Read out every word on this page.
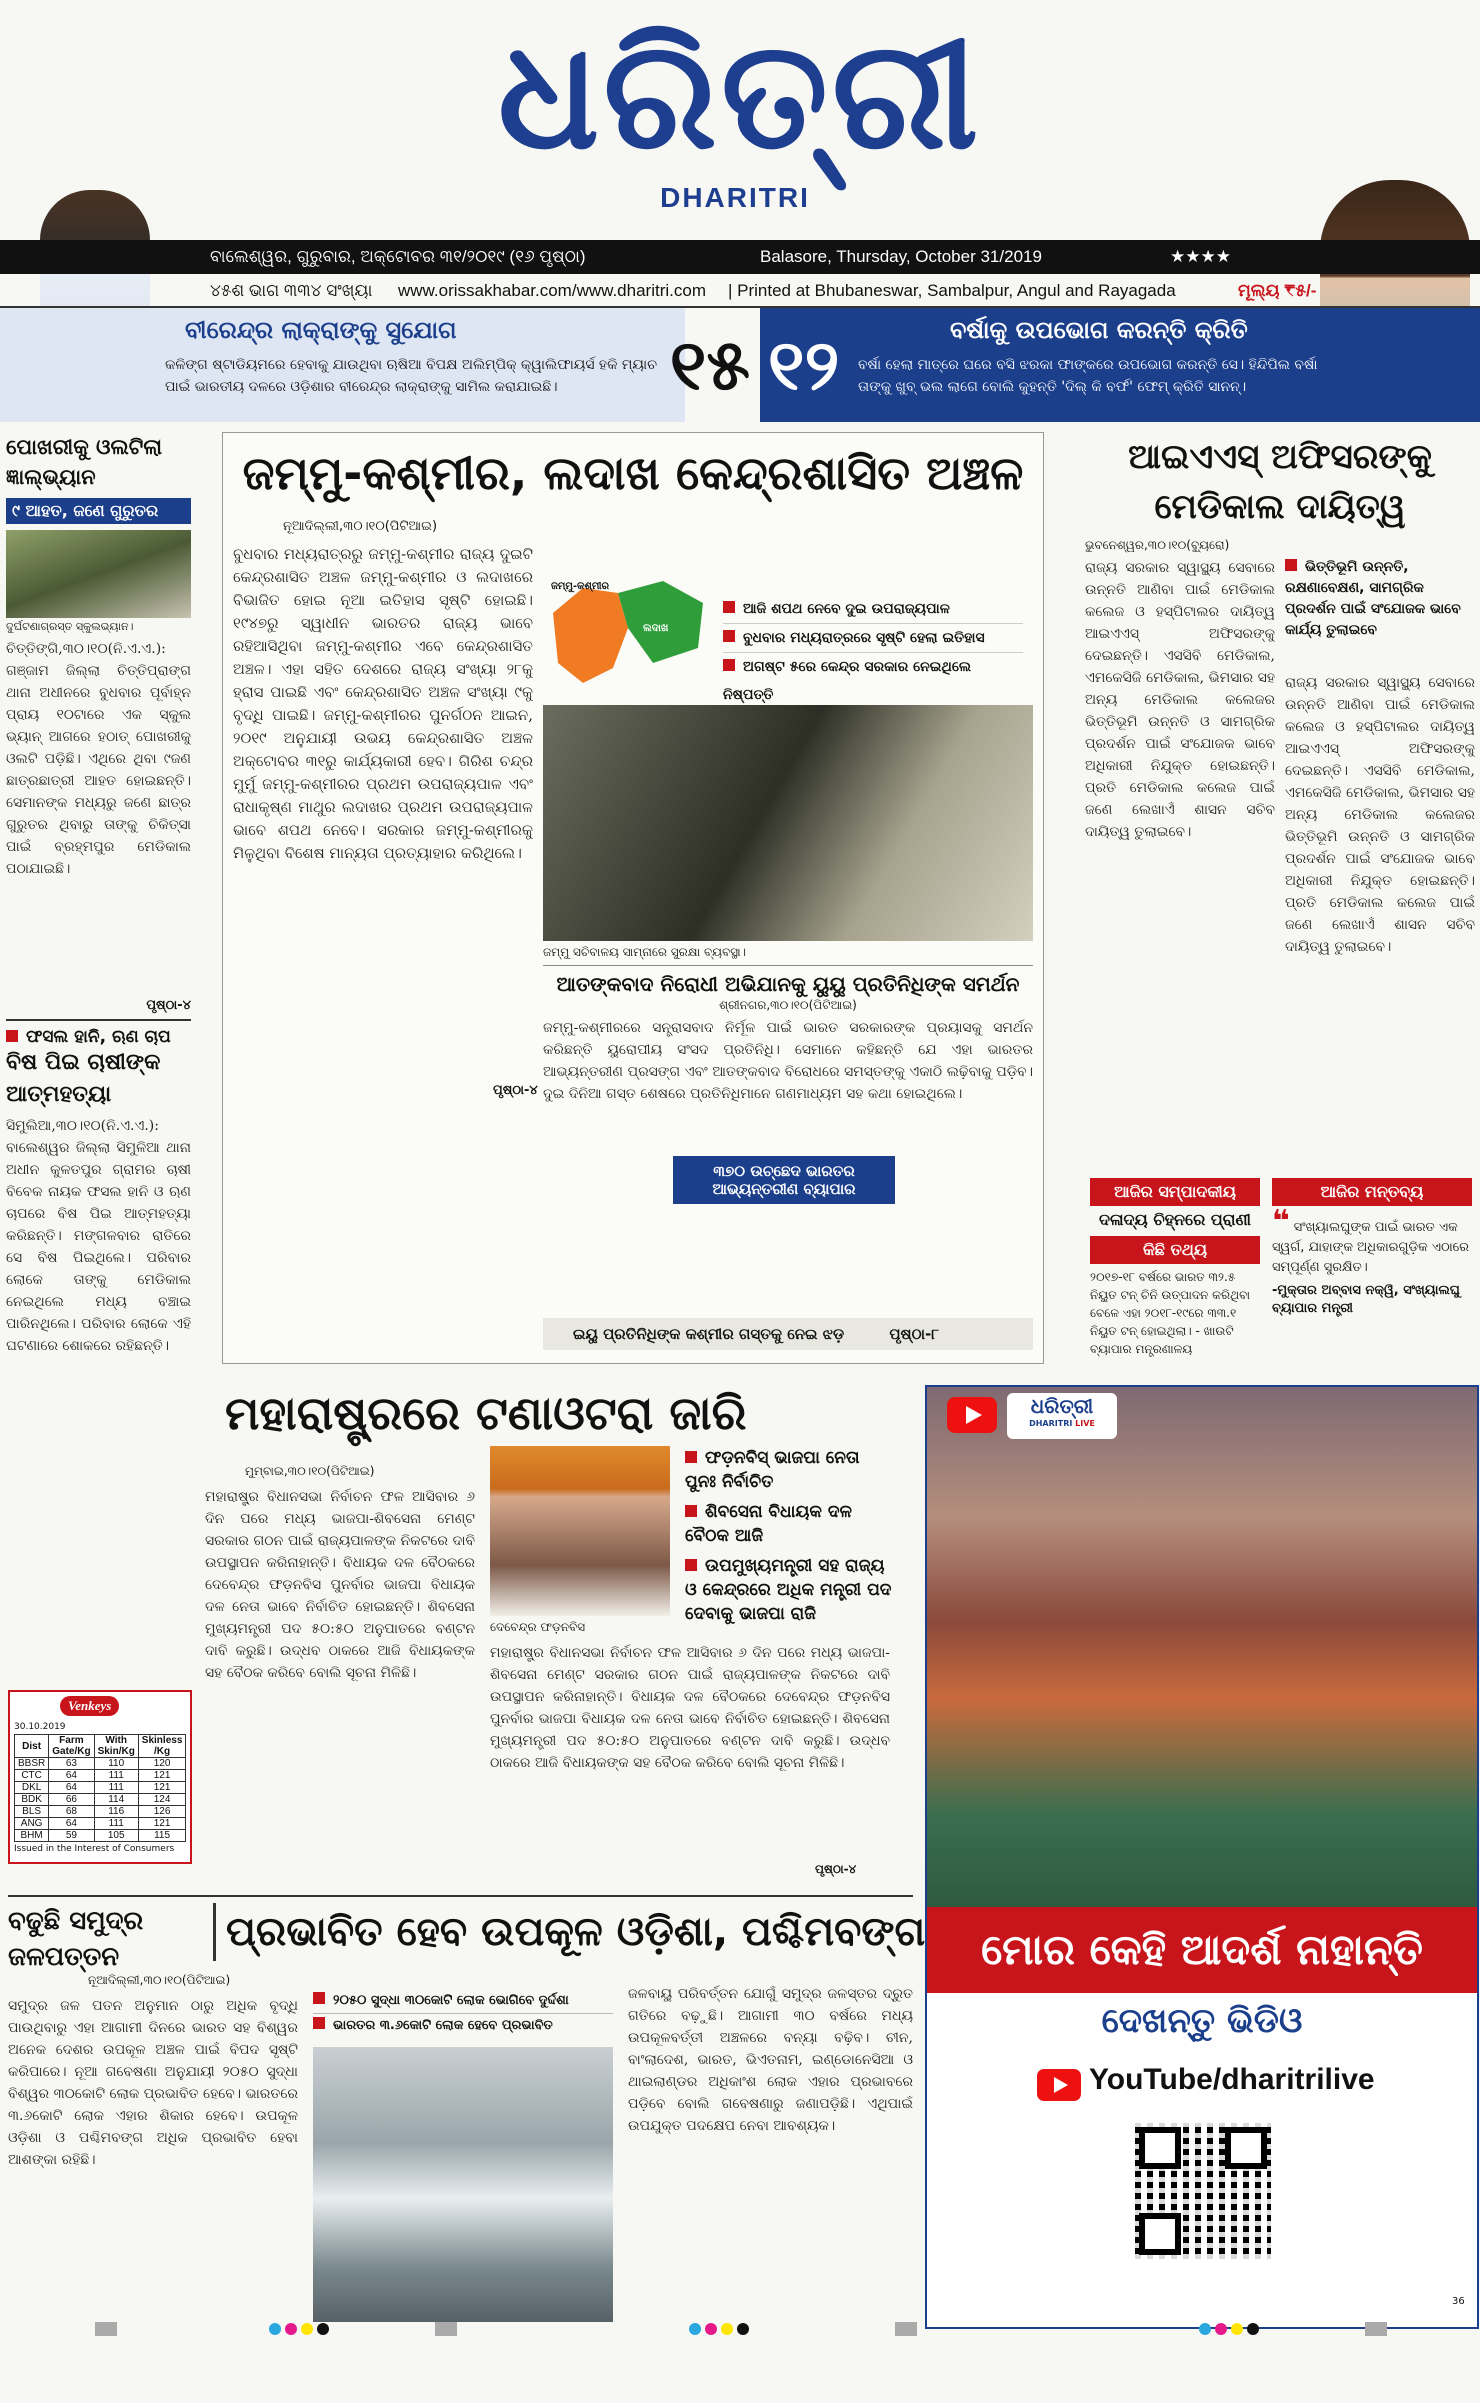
ଧରିତ୍ରୀ
DHARITRI
ବାଲେଶ୍ୱର, ଗୁରୁବାର, ଅକ୍ଟୋବର ୩୧/୨୦୧୯ (୧୬ ପୃଷ୍ଠା)	Balasore, Thursday, October 31/2019	★★★★
୪୫ଶ ଭାଗ ୩୩୪ ସଂଖ୍ୟା www.orissakhabar.com/www.dharitri.com | Printed at Bhubaneswar, Sambalpur, Angul and Rayagada	ମୂଲ୍ୟ ₹୫/-
ବୀରେନ୍ଦ୍ର ଲାକ୍ରାଙ୍କୁ ସୁଯୋଗ
କଳିଙ୍ଗ ଷ୍ଟାଡିୟମରେ ହେବାକୁ ଯାଉଥିବା ଋଷିଆ ବିପକ୍ଷ ଅଲିମ୍ପିକ୍ କ୍ୱାଲିଫାୟର୍ସ ହକି ମ୍ୟାଚ ପାଇଁ ଭାରତୀୟ ଦଳରେ ଓଡ଼ିଶାର ବୀରେନ୍ଦ୍ର ଲାକ୍ରାଙ୍କୁ ସାମିଲ କରାଯାଇଛି।	୧୫ ୧୨	ବର୍ଷାକୁ ଉପଭୋଗ କରନ୍ତି କ୍ରିତି
ବର୍ଷା ହେଲା ମାତ୍ରେ ଘରେ ବସି ଝରକା ଫାଙ୍କରେ ଉପଭୋଗ କରନ୍ତି ସେ। ହିନ୍ଦିପିଲ ବର୍ଷା ତାଙ୍କୁ ଖୁବ୍ ଭଲ ଲାଗେ ବୋଲି କୁହନ୍ତି 'ଦିଲ୍ କି ବର୍ଫ' ଫେମ୍ କ୍ରିତି ସାନନ୍।
ପୋଖରୀକୁ ଓଲଟିଲା ଜ୍ଞାଲ୍‌ଭ୍ୟାନ
୯ ଆହତ, ଜଣେ ଗୁରୁତର
ଦୁର୍ଘଟଣାଗ୍ରସ୍ତ ସ୍କୁଲଭ୍ୟାନ।
ଚିତ୍ତିଙ୍ଗି,୩୦।୧୦(ନି.ଏ.ଏ.): ଗଞ୍ଜାମ ଜିଲ୍ଲା ଚିତ୍ତିପ୍ରାଙ୍ଗ ଥାନା ଅଧୀନରେ ବୁଧବାର ପୂର୍ବାହ୍ନ ପ୍ରାୟ ୧୦ଟାରେ ଏକ ସ୍କୁଲ ଭ୍ୟାନ୍ ଆଗରେ ହଠାତ୍ ପୋଖରୀକୁ ଓଲଟି ପଡ଼ିଛି। ଏଥିରେ ଥିବା ୯ଜଣ ଛାତ୍ରଛାତ୍ରୀ ଆହତ ହୋଇଛନ୍ତି। ସେମାନଙ୍କ ମଧ୍ୟରୁ ଜଣେ ଛାତ୍ର ଗୁରୁତର ଥିବାରୁ ତାଙ୍କୁ ଚିକିତ୍ସା ପାଇଁ ବ୍ରହ୍ମପୁର ମେଡିକାଲ ପଠାଯାଇଛି।
ପୃଷ୍ଠା-୪
ଫସଲ ହାନି, ଋଣ ଚାପ
ବିଷ ପିଇ ଚାଷୀଙ୍କ ଆତ୍ମହତ୍ୟା
ସିମୁଲିଆ,୩୦।୧୦(ନି.ଏ.ଏ.): ବାଲେଶ୍ୱର ଜିଲ୍ଲା ସିମୁଳିଆ ଥାନା ଅଧୀନ କୁଳତପୁର ଗ୍ରାମର ଚାଷୀ ବିବେକ ନାୟକ ଫସଲ ହାନି ଓ ଋଣ ଚାପରେ ବିଷ ପିଇ ଆତ୍ମହତ୍ୟା କରିଛନ୍ତି। ମଙ୍ଗଳବାର ରାତିରେ ସେ ବିଷ ପିଇଥିଲେ। ପରିବାର ଲୋକେ ତାଙ୍କୁ ମେଡିକାଲ ନେଇଥିଲେ ମଧ୍ୟ ବଞ୍ଚାଇ ପାରିନଥିଲେ। ପରିବାର ଲୋକେ ଏହି ଘଟଣାରେ ଶୋକରେ ରହିଛନ୍ତି।
Venkeys
30.10.2019
Dist	Farm Gate/Kg	With Skin/Kg	Skinless /Kg
BBSR	63	110	120
CTC	64	111	121
DKL	64	111	121
BDK	66	114	124
BLS	68	116	126
ANG	64	111	121
BHM	59	105	115
Issued in the Interest of Consumers
ଜମ୍ମୁ-କଶ୍ମୀର, ଲଦାଖ କେନ୍ଦ୍ରଶାସିତ ଅଞ୍ଚଳ
ନୂଆଦିଲ୍ଲୀ,୩୦।୧୦(ପିଟିଆଇ)
ବୁଧବାର ମଧ୍ୟରାତ୍ରରୁ ଜମ୍ମୁ-କଶ୍ମୀର ରାଜ୍ୟ ଦୁଇଟି କେନ୍ଦ୍ରଶାସିତ ଅଞ୍ଚଳ ଜମ୍ମୁ-କଶ୍ମୀର ଓ ଲଦାଖରେ ବିଭାଜିତ ହୋଇ ନୂଆ ଇତିହାସ ସୃଷ୍ଟି ହୋଇଛି। ୧୯୪୭ରୁ ସ୍ୱାଧୀନ ଭାରତର ରାଜ୍ୟ ଭାବେ ରହିଆସିଥିବା ଜମ୍ମୁ-କଶ୍ମୀର ଏବେ କେନ୍ଦ୍ରଶାସିତ ଅଞ୍ଚଳ। ଏହା ସହିତ ଦେଶରେ ରାଜ୍ୟ ସଂଖ୍ୟା ୨୮କୁ ହ୍ରାସ ପାଇଛି ଏବଂ କେନ୍ଦ୍ରଶାସିତ ଅଞ୍ଚଳ ସଂଖ୍ୟା ୯କୁ ବୃଦ୍ଧି ପାଇଛି। ଜମ୍ମୁ-କଶ୍ମୀରର ପୁନର୍ଗଠନ ଆଇନ, ୨୦୧୯ ଅନୁଯାୟୀ ଉଭୟ କେନ୍ଦ୍ରଶାସିତ ଅଞ୍ଚଳ ଅକ୍ଟୋବର ୩୧ରୁ କାର୍ଯ୍ୟକାରୀ ହେବ। ଗିରିଶ ଚନ୍ଦ୍ର ମୁର୍ମୁ ଜମ୍ମୁ-କଶ୍ମୀରର ପ୍ରଥମ ଉପରାଜ୍ୟପାଳ ଏବଂ ରାଧାକୃଷ୍ଣ ମାଥୁର ଲଦାଖର ପ୍ରଥମ ଉପରାଜ୍ୟପାଳ ଭାବେ ଶପଥ ନେବେ। ସରକାର ଜମ୍ମୁ-କଶ୍ମୀରକୁ ମିଳୁଥିବା ବିଶେଷ ମାନ୍ୟତା ପ୍ରତ୍ୟାହାର କରିଥିଲେ।
ପୃଷ୍ଠା-୪
ଜମ୍ମୁ-କଶ୍ମୀର
ଲଦାଖ
ଆଜି ଶପଥ ନେବେ ଦୁଇ ଉପରାଜ୍ୟପାଳ
ବୁଧବାର ମଧ୍ୟରାତ୍ରରେ ସୃଷ୍ଟି ହେଲା ଇତିହାସ
ଅଗଷ୍ଟ ୫ରେ କେନ୍ଦ୍ର ସରକାର ନେଇଥିଲେ ନିଷ୍ପତ୍ତି
ଜମ୍ମୁ ସଚିବାଳୟ ସାମ୍ନାରେ ସୁରକ୍ଷା ବ୍ୟବସ୍ଥା।
ଆତଙ୍କବାଦ ନିରୋଧୀ ଅଭିଯାନକୁ ୟୁୟୁ ପ୍ରତିନିଧିଙ୍କ ସମର୍ଥନ
ଶ୍ରୀନଗର,୩୦।୧୦(ପିଟିଆଇ)
ଜମ୍ମୁ-କଶ୍ମୀରରେ ସନ୍ତ୍ରାସବାଦ ନିର୍ମୂଳ ପାଇଁ ଭାରତ ସରକାରଙ୍କ ପ୍ରୟାସକୁ ସମର୍ଥନ କରିଛନ୍ତି ୟୁରୋପୀୟ ସଂସଦ ପ୍ରତିନିଧି। ସେମାନେ କହିଛନ୍ତି ଯେ ଏହା ଭାରତର ଆଭ୍ୟନ୍ତରୀଣ ପ୍ରସଙ୍ଗ ଏବଂ ଆତଙ୍କବାଦ ବିରୋଧରେ ସମସ୍ତଙ୍କୁ ଏକାଠି ଲଢ଼ିବାକୁ ପଡ଼ିବ। ଦୁଇ ଦିନିଆ ଗସ୍ତ ଶେଷରେ ପ୍ରତିନିଧିମାନେ ଗଣମାଧ୍ୟମ ସହ କଥା ହୋଇଥିଲେ।
୩୭୦ ଉଚ୍ଛେଦ ଭାରତର ଆଭ୍ୟନ୍ତରୀଣ ବ୍ୟାପାର
ଇୟୁ ପ୍ରତିନିଧିଙ୍କ କଶ୍ମୀର ଗସ୍ତକୁ ନେଇ ଝଡ଼	ପୃଷ୍ଠା-୮
ଆଇଏଏସ୍ ଅଫିସରଙ୍କୁ ମେଡିକାଲ ଦାୟିତ୍ୱ
ଭୁବନେଶ୍ୱର,୩୦।୧୦(ବ୍ୟୁରୋ)
ଭିତ୍ତିଭୂମି ଉନ୍ନତି, ରକ୍ଷଣାବେକ୍ଷଣ, ସାମଗ୍ରିକ ପ୍ରଦର୍ଶନ ପାଇଁ ସଂଯୋଜକ ଭାବେ କାର୍ଯ୍ୟ ତୁଲାଇବେ
ରାଜ୍ୟ ସରକାର ସ୍ୱାସ୍ଥ୍ୟ ସେବାରେ ଉନ୍ନତି ଆଣିବା ପାଇଁ ମେଡିକାଲ କଲେଜ ଓ ହସ୍ପିଟାଲର ଦାୟିତ୍ୱ ଆଇଏଏସ୍ ଅଫିସରଙ୍କୁ ଦେଇଛନ୍ତି। ଏସସିବି ମେଡିକାଲ, ଏମକେସିଜି ମେଡିକାଲ, ଭିମସାର ସହ ଅନ୍ୟ ମେଡିକାଲ କଲେଜର ଭିତ୍ତିଭୂମି ଉନ୍ନତି ଓ ସାମଗ୍ରିକ ପ୍ରଦର୍ଶନ ପାଇଁ ସଂଯୋଜକ ଭାବେ ଅଧିକାରୀ ନିଯୁକ୍ତ ହୋଇଛନ୍ତି। ପ୍ରତି ମେଡିକାଲ କଲେଜ ପାଇଁ ଜଣେ ଲେଖାଏଁ ଶାସନ ସଚିବ ଦାୟିତ୍ୱ ତୁଲାଇବେ।
ରାଜ୍ୟ ସରକାର ସ୍ୱାସ୍ଥ୍ୟ ସେବାରେ ଉନ୍ନତି ଆଣିବା ପାଇଁ ମେଡିକାଲ କଲେଜ ଓ ହସ୍ପିଟାଲର ଦାୟିତ୍ୱ ଆଇଏଏସ୍ ଅଫିସରଙ୍କୁ ଦେଇଛନ୍ତି। ଏସସିବି ମେଡିକାଲ, ଏମକେସିଜି ମେଡିକାଲ, ଭିମସାର ସହ ଅନ୍ୟ ମେଡିକାଲ କଲେଜର ଭିତ୍ତିଭୂମି ଉନ୍ନତି ଓ ସାମଗ୍ରିକ ପ୍ରଦର୍ଶନ ପାଇଁ ସଂଯୋଜକ ଭାବେ ଅଧିକାରୀ ନିଯୁକ୍ତ ହୋଇଛନ୍ତି। ପ୍ରତି ମେଡିକାଲ କଲେଜ ପାଇଁ ଜଣେ ଲେଖାଏଁ ଶାସନ ସଚିବ ଦାୟିତ୍ୱ ତୁଲାଇବେ।
ଆଜିର ସମ୍ପାଦକୀୟ
ଦଳାଦ୍ୟ ଚିହ୍ନରେ ପ୍ରାଣୀ
କିଛି ତଥ୍ୟ
୨୦୧୭-୧୮ ବର୍ଷରେ ଭାରତ ୩୨.୫ ନିୟୁତ ଟନ୍ ଚିନି ଉତ୍ପାଦନ କରିଥିବା ବେଳେ ଏହା ୨୦୧୮-୧୯ରେ ୩୩.୧ ନିୟୁତ ଟନ୍ ହୋଇଥିଲା। - ଖାଉଟି ବ୍ୟାପାର ମନ୍ତ୍ରଣାଳୟ
ଆଜିର ମନ୍ତବ୍ୟ
❝ ସଂଖ୍ୟାଲଘୁଙ୍କ ପାଇଁ ଭାରତ ଏକ ସ୍ୱର୍ଗ, ଯାହାଙ୍କ ଅଧିକାରଗୁଡ଼ିକ ଏଠାରେ ସମ୍ପୂର୍ଣ୍ଣ ସୁରକ୍ଷିତ।
-ମୁକ୍ତାର ଅବ୍ବାସ ନକ୍ୱି, ସଂଖ୍ୟାଲଘୁ ବ୍ୟାପାର ମନ୍ତ୍ରୀ
ମହାରାଷ୍ଟ୍ରରେ ଟଣାଓଟରା ଜାରି
ମୁମ୍ବାଇ,୩୦।୧୦(ପିଟିଆଇ)
ମହାରାଷ୍ଟ୍ର ବିଧାନସଭା ନିର୍ବାଚନ ଫଳ ଆସିବାର ୬ ଦିନ ପରେ ମଧ୍ୟ ଭାଜପା-ଶିବସେନା ମେଣ୍ଟ ସରକାର ଗଠନ ପାଇଁ ରାଜ୍ୟପାଳଙ୍କ ନିକଟରେ ଦାବି ଉପସ୍ଥାପନ କରିନାହାନ୍ତି। ବିଧାୟକ ଦଳ ବୈଠକରେ ଦେବେନ୍ଦ୍ର ଫଡ଼ନବିସ ପୁନର୍ବାର ଭାଜପା ବିଧାୟକ ଦଳ ନେତା ଭାବେ ନିର୍ବାଚିତ ହୋଇଛନ୍ତି। ଶିବସେନା ମୁଖ୍ୟମନ୍ତ୍ରୀ ପଦ ୫୦:୫୦ ଅନୁପାତରେ ବଣ୍ଟନ ଦାବି କରୁଛି। ଉଦ୍ଧବ ଠାକରେ ଆଜି ବିଧାୟକଙ୍କ ସହ ବୈଠକ କରିବେ ବୋଲି ସୂଚନା ମିଳିଛି।
ଦେବେନ୍ଦ୍ର ଫଡ଼ନବିସ
ମହାରାଷ୍ଟ୍ର ବିଧାନସଭା ନିର୍ବାଚନ ଫଳ ଆସିବାର ୬ ଦିନ ପରେ ମଧ୍ୟ ଭାଜପା-ଶିବସେନା ମେଣ୍ଟ ସରକାର ଗଠନ ପାଇଁ ରାଜ୍ୟପାଳଙ୍କ ନିକଟରେ ଦାବି ଉପସ୍ଥାପନ କରିନାହାନ୍ତି। ବିଧାୟକ ଦଳ ବୈଠକରେ ଦେବେନ୍ଦ୍ର ଫଡ଼ନବିସ ପୁନର୍ବାର ଭାଜପା ବିଧାୟକ ଦଳ ନେତା ଭାବେ ନିର୍ବାଚିତ ହୋଇଛନ୍ତି। ଶିବସେନା ମୁଖ୍ୟମନ୍ତ୍ରୀ ପଦ ୫୦:୫୦ ଅନୁପାତରେ ବଣ୍ଟନ ଦାବି କରୁଛି। ଉଦ୍ଧବ ଠାକରେ ଆଜି ବିଧାୟକଙ୍କ ସହ ବୈଠକ କରିବେ ବୋଲି ସୂଚନା ମିଳିଛି।
ଫଡ଼ନବିସ୍ ଭାଜପା ନେତା ପୁନଃ ନିର୍ବାଚିତ
ଶିବସେନା ବିଧାୟକ ଦଳ ବୈଠକ ଆଜି
ଉପମୁଖ୍ୟମନ୍ତ୍ରୀ ସହ ରାଜ୍ୟ ଓ କେନ୍ଦ୍ରରେ ଅଧିକ ମନ୍ତ୍ରୀ ପଦ ଦେବାକୁ ଭାଜପା ରାଜି
ପୃଷ୍ଠା-୪
ବଢୁଛି ସମୁଦ୍ର ଜଳପତ୍ତନ
ପ୍ରଭାବିତ ହେବ ଉପକୂଳ ଓଡ଼ିଶା, ପଶ୍ଚିମବଙ୍ଗ
ନୂଆଦିଲ୍ଲୀ,୩୦।୧୦(ପିଟିଆଇ)
ସମୁଦ୍ର ଜଳ ପତନ ଅନୁମାନ ଠାରୁ ଅଧିକ ବୃଦ୍ଧି ପାଉଥିବାରୁ ଏହା ଆଗାମୀ ଦିନରେ ଭାରତ ସହ ବିଶ୍ୱର ଅନେକ ଦେଶର ଉପକୂଳ ଅଞ୍ଚଳ ପାଇଁ ବିପଦ ସୃଷ୍ଟି କରିପାରେ। ନୂଆ ଗବେଷଣା ଅନୁଯାୟୀ ୨୦୫୦ ସୁଦ୍ଧା ବିଶ୍ୱର ୩୦କୋଟି ଲୋକ ପ୍ରଭାବିତ ହେବେ। ଭାରତରେ ୩.୬କୋଟି ଲୋକ ଏହାର ଶିକାର ହେବେ। ଉପକୂଳ ଓଡ଼ିଶା ଓ ପଶ୍ଚିମବଙ୍ଗ ଅଧିକ ପ୍ରଭାବିତ ହେବା ଆଶଙ୍କା ରହିଛି।
୨୦୫୦ ସୁଦ୍ଧା ୩୦କୋଟି ଲୋକ ଭୋଗିବେ ଦୁର୍ଦ୍ଦଶା
ଭାରତର ୩.୬କୋଟି ଲୋକ ହେବେ ପ୍ରଭାବିତ
ଜଳବାୟୁ ପରିବର୍ତ୍ତନ ଯୋଗୁଁ ସମୁଦ୍ର ଜଳସ୍ତର ଦ୍ରୁତ ଗତିରେ ବଢ଼ୁଛି। ଆଗାମୀ ୩୦ ବର୍ଷରେ ମଧ୍ୟ ଉପକୂଳବର୍ତ୍ତୀ ଅଞ୍ଚଳରେ ବନ୍ୟା ବଢ଼ିବ। ଚୀନ, ବାଂଲାଦେଶ, ଭାରତ, ଭିଏତନାମ, ଇଣ୍ଡୋନେସିଆ ଓ ଥାଇଲାଣ୍ଡର ଅଧିକାଂଶ ଲୋକ ଏହାର ପ୍ରଭାବରେ ପଡ଼ିବେ ବୋଲି ଗବେଷଣାରୁ ଜଣାପଡ଼ିଛି। ଏଥିପାଇଁ ଉପଯୁକ୍ତ ପଦକ୍ଷେପ ନେବା ଆବଶ୍ୟକ।
ଧରିତ୍ରୀ
DHARITRI LIVE
ମୋର କେହି ଆଦର୍ଶ ନାହାନ୍ତି
ଦେଖନ୍ତୁ ଭିଡିଓ
YouTube/dharitrilive
36
